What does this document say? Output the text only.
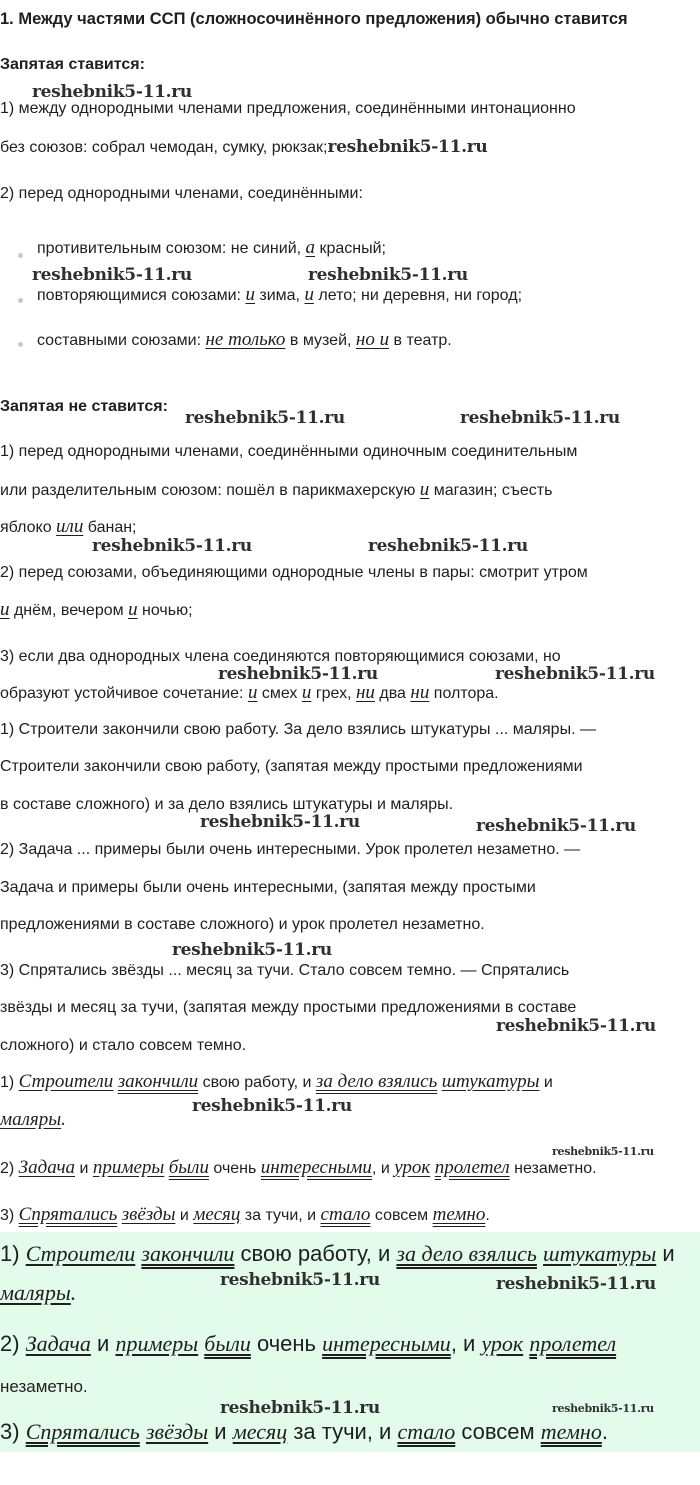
1. Между частями ССП (сложносочинённого предложения) обычно ставится
Запятая ставится:
reshebnik5-11.ru
1) между однородными членами предложения, соединёнными интонационно
без союзов: собрал чемодан, сумку, рюкзак;reshebnik5-11.ru
2) перед однородными членами, соединёнными:
противительным союзом: не синий, а красный;
reshebnik5-11.ru	reshebnik5-11.ru
повторяющимися союзами: и зима, и лето; ни деревня, ни город;
составными союзами: не только в музей, но и в театр.
Запятая не ставится:
reshebnik5-11.ru	reshebnik5-11.ru
1) перед однородными членами, соединёнными одиночным соединительным
или разделительным союзом: пошёл в парикмахерскую и магазин; съесть
яблоко или банан;
reshebnik5-11.ru	reshebnik5-11.ru
2) перед союзами, объединяющими однородные члены в пары: смотрит утром
и днём, вечером и ночью;
3) если два однородных члена соединяются повторяющимися союзами, но
reshebnik5-11.ru	reshebnik5-11.ru
образуют устойчивое сочетание: и смех и грех, ни два ни полтора.
1) Строители закончили свою работу. За дело взялись штукатуры ... маляры. —
Строители закончили свою работу, (запятая между простыми предложениями
в составе сложного) и за дело взялись штукатуры и маляры.
reshebnik5-11.ru	reshebnik5-11.ru
2) Задача ... примеры были очень интересными. Урок пролетел незаметно. —
Задача и примеры были очень интересными, (запятая между простыми
предложениями в составе сложного) и урок пролетел незаметно.
reshebnik5-11.ru
3) Спрятались звёзды ... месяц за тучи. Стало совсем темно. — Спрятались
звёзды и месяц за тучи, (запятая между простыми предложениями в составе
reshebnik5-11.ru
сложного) и стало совсем темно.
1) Строители закончили свою работу, и за дело взялись штукатуры и
reshebnik5-11.ru
маляры.
reshebnik5-11.ru
2) Задача и примеры были очень интересными, и урок пролетел незаметно.
3) Спрятались звёзды и месяц за тучи, и стало совсем темно.
1) Строители закончили свою работу, и за дело взялись штукатуры и
reshebnik5-11.ru	reshebnik5-11.ru
маляры.
2) Задача и примеры были очень интересными, и урок пролетел
незаметно.
reshebnik5-11.ru	reshebnik5-11.ru
3) Спрятались звёзды и месяц за тучи, и стало совсем темно.
